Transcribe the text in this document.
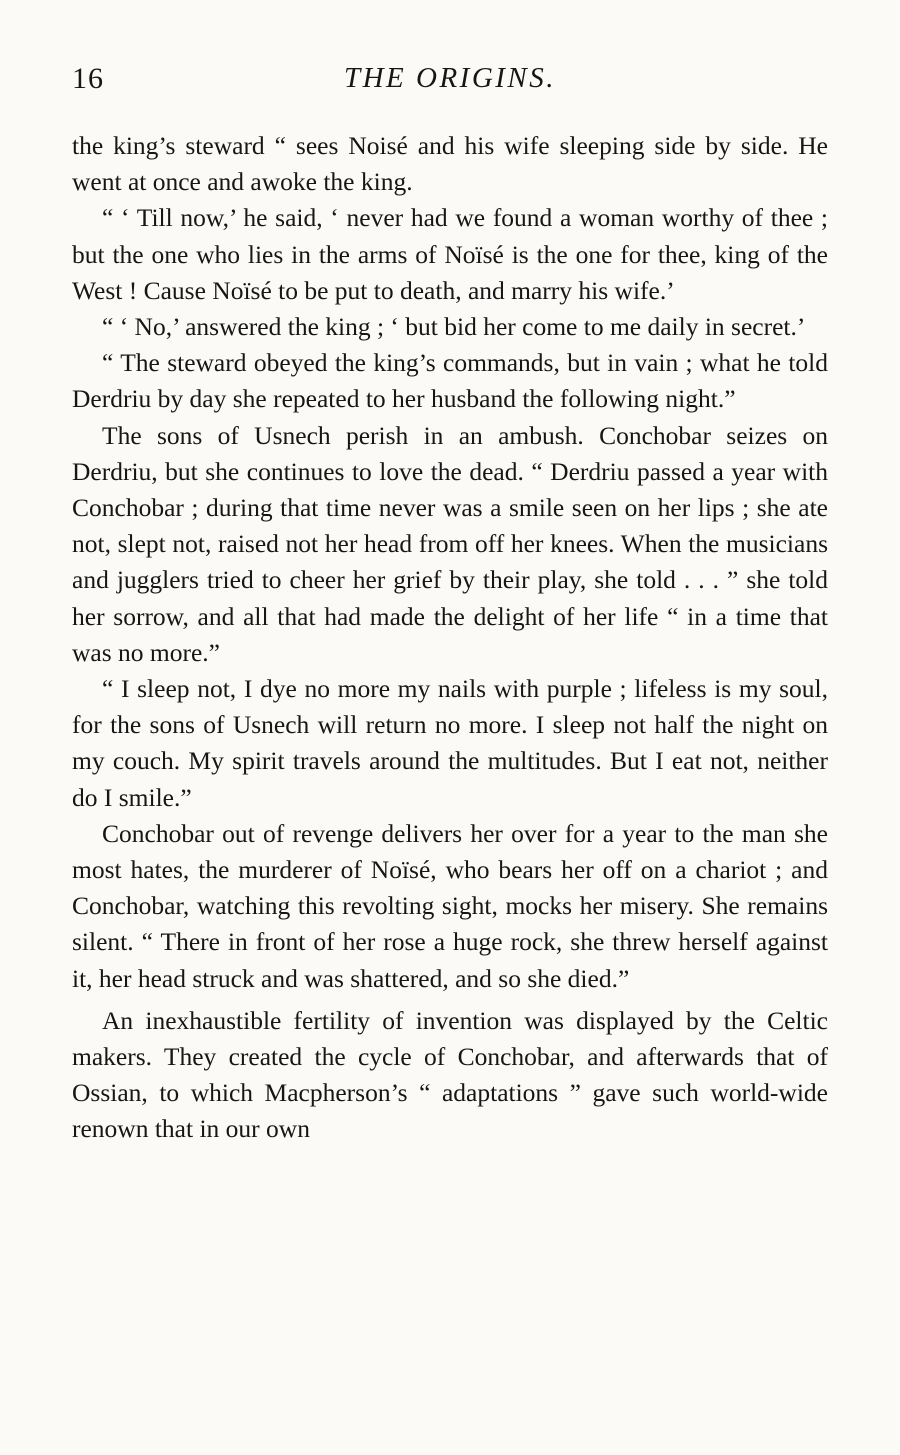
16	THE ORIGINS.

the king’s steward “ sees Noisé and his wife sleeping side by side. He went at once and awoke the king.

“ ‘ Till now,’ he said, ‘ never had we found a woman worthy of thee ; but the one who lies in the arms of Noïsé is the one for thee, king of the West ! Cause Noïsé to be put to death, and marry his wife.’

“ ‘ No,’ answered the king ; ‘ but bid her come to me daily in secret.’

“ The steward obeyed the king’s commands, but in vain ; what he told Derdriu by day she repeated to her husband the following night.”

The sons of Usnech perish in an ambush. Conchobar seizes on Derdriu, but she continues to love the dead. “ Derdriu passed a year with Conchobar ; during that time never was a smile seen on her lips ; she ate not, slept not, raised not her head from off her knees. When the musicians and jugglers tried to cheer her grief by their play, she told . . . ” she told her sorrow, and all that had made the delight of her life “ in a time that was no more.”

“ I sleep not, I dye no more my nails with purple ; lifeless is my soul, for the sons of Usnech will return no more. I sleep not half the night on my couch. My spirit travels around the multitudes. But I eat not, neither do I smile.”

Conchobar out of revenge delivers her over for a year to the man she most hates, the murderer of Noïsé, who bears her off on a chariot ; and Conchobar, watching this revolting sight, mocks her misery. She remains silent. “ There in front of her rose a huge rock, she threw herself against it, her head struck and was shattered, and so she died.”

An inexhaustible fertility of invention was displayed by the Celtic makers. They created the cycle of Conchobar, and afterwards that of Ossian, to which Macpherson’s “ adaptations ” gave such world-wide renown that in our own
